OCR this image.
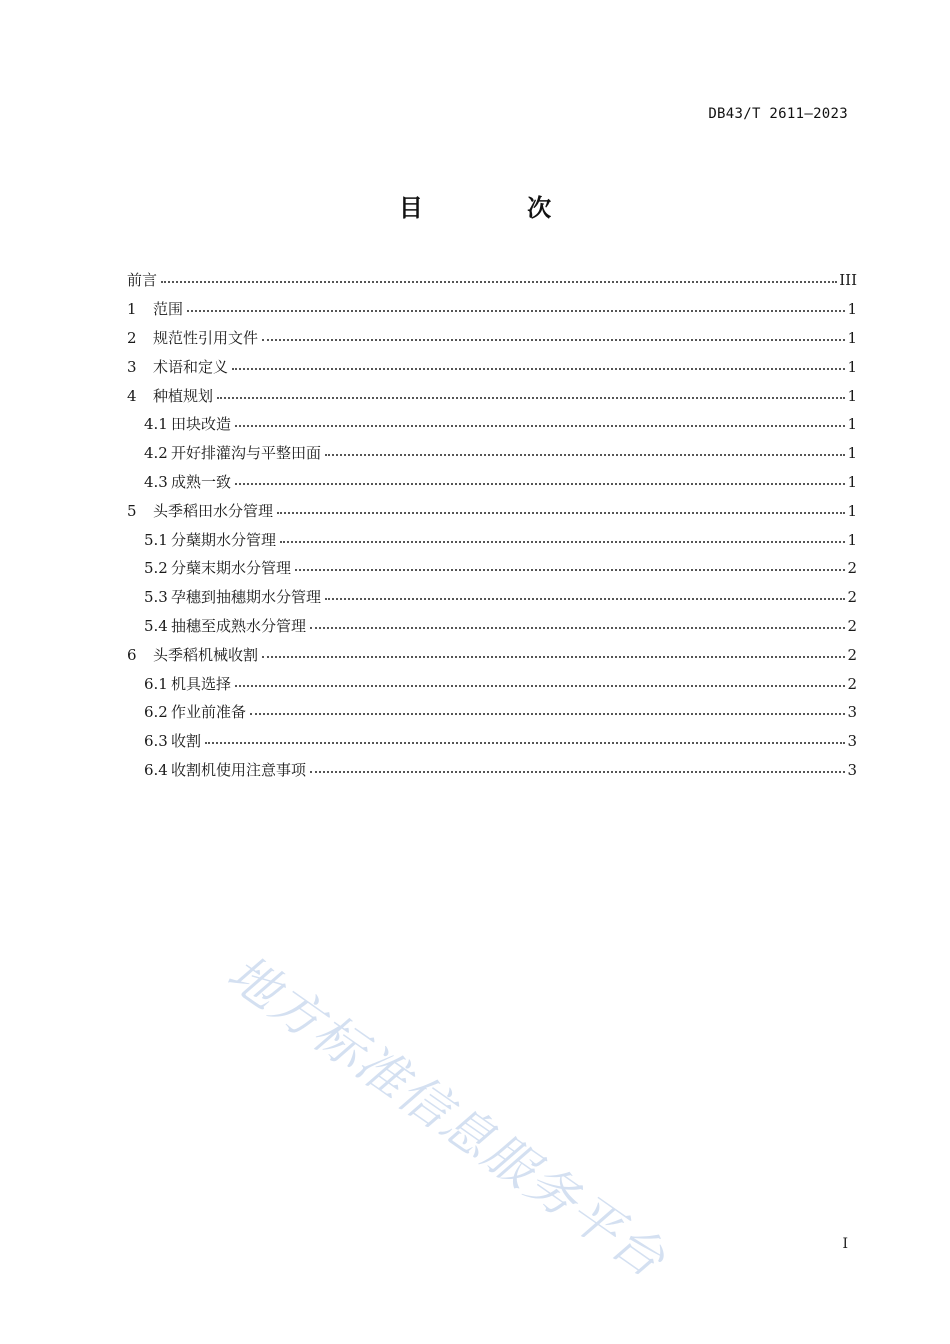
DB43/T 2611—2023
目 次
前言	III
1	范围	1
2	规范性引用文件	1
3	术语和定义	1
4	种植规划	1
4.1 田块改造	1
4.2 开好排灌沟与平整田面	1
4.3 成熟一致	1
5	头季稻田水分管理	1
5.1 分蘖期水分管理	1
5.2 分蘖末期水分管理	2
5.3 孕穗到抽穗期水分管理	2
5.4 抽穗至成熟水分管理	2
6	头季稻机械收割	2
6.1 机具选择	2
6.2 作业前准备	3
6.3 收割	3
6.4 收割机使用注意事项	3
地方标准信息服务平台	I
